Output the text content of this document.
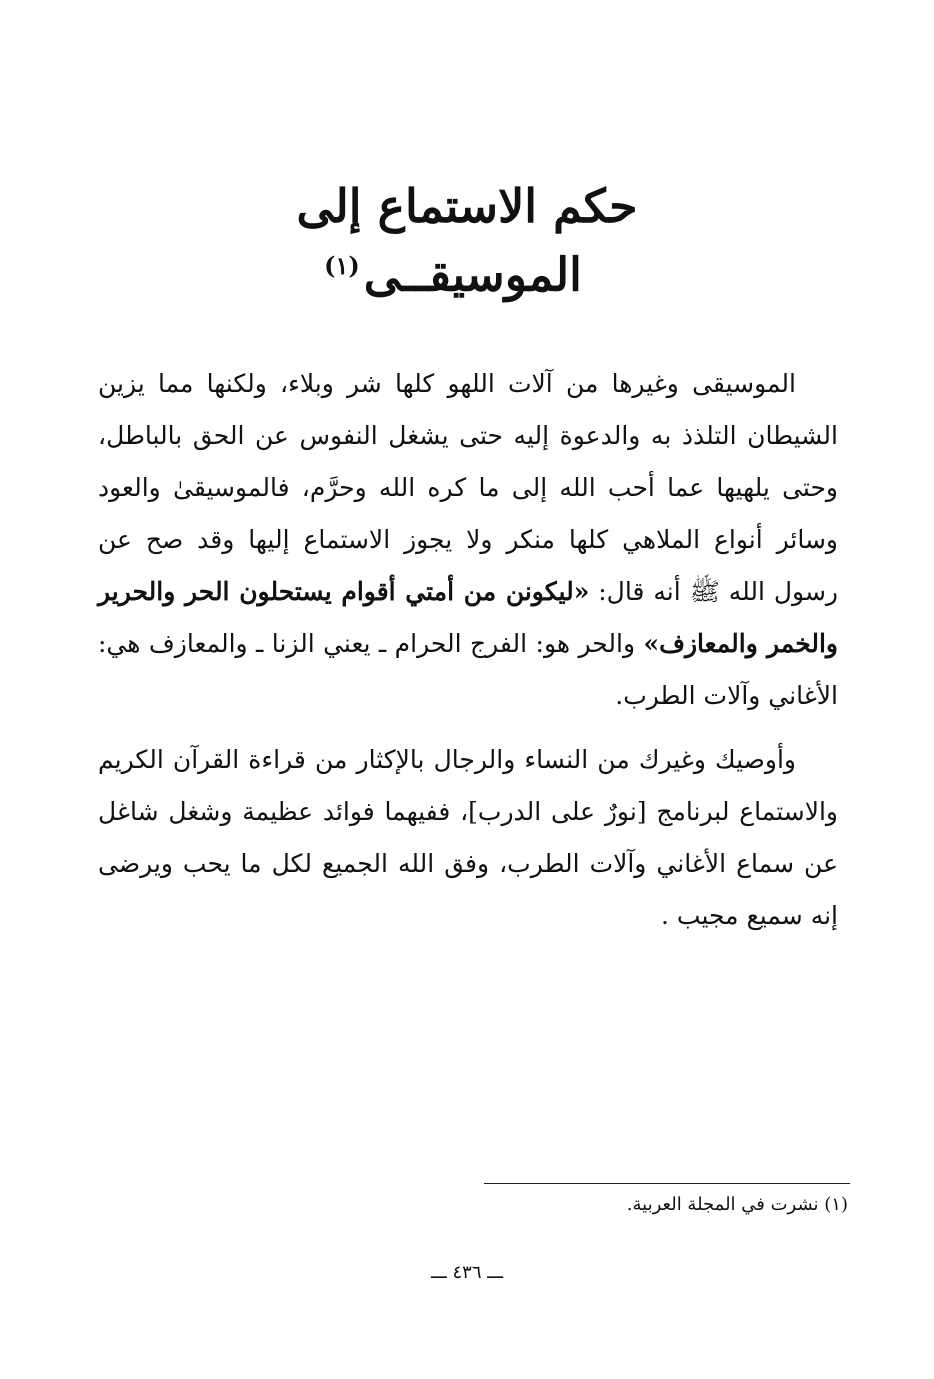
حكم الاستماع إلى
الموسيقــى$^{(١)}$

الموسيقى وغيرها من آلات اللهو كلها شر وبلاء، ولكنها مما يزين الشيطان التلذذ به والدعوة إليه حتى يشغل النفوس عن الحق بالباطل، وحتى يلهيها عما أحب الله إلى ما كره الله وحرَّم، فالموسيقىٰ والعود وسائر أنواع الملاهي كلها منكر ولا يجوز الاستماع إليها وقد صح عن رسول الله ﷺ أنه قال: «ليكونن من أمتي أقوام يستحلون الحر والحرير والخمر والمعازف» والحر هو: الفرج الحرام ـ يعني الزنا ـ والمعازف هي: الأغاني وآلات الطرب.

وأوصيك وغيرك من النساء والرجال بالإكثار من قراءة القرآن الكريم والاستماع لبرنامج [نورٌ على الدرب]، ففيهما فوائد عظيمة وشغل شاغل عن سماع الأغاني وآلات الطرب، وفق الله الجميع لكل ما يحب ويرضى إنه سميع مجيب .

(١) نشرت في المجلة العربية.
ـــ ٤٣٦ ـــ
